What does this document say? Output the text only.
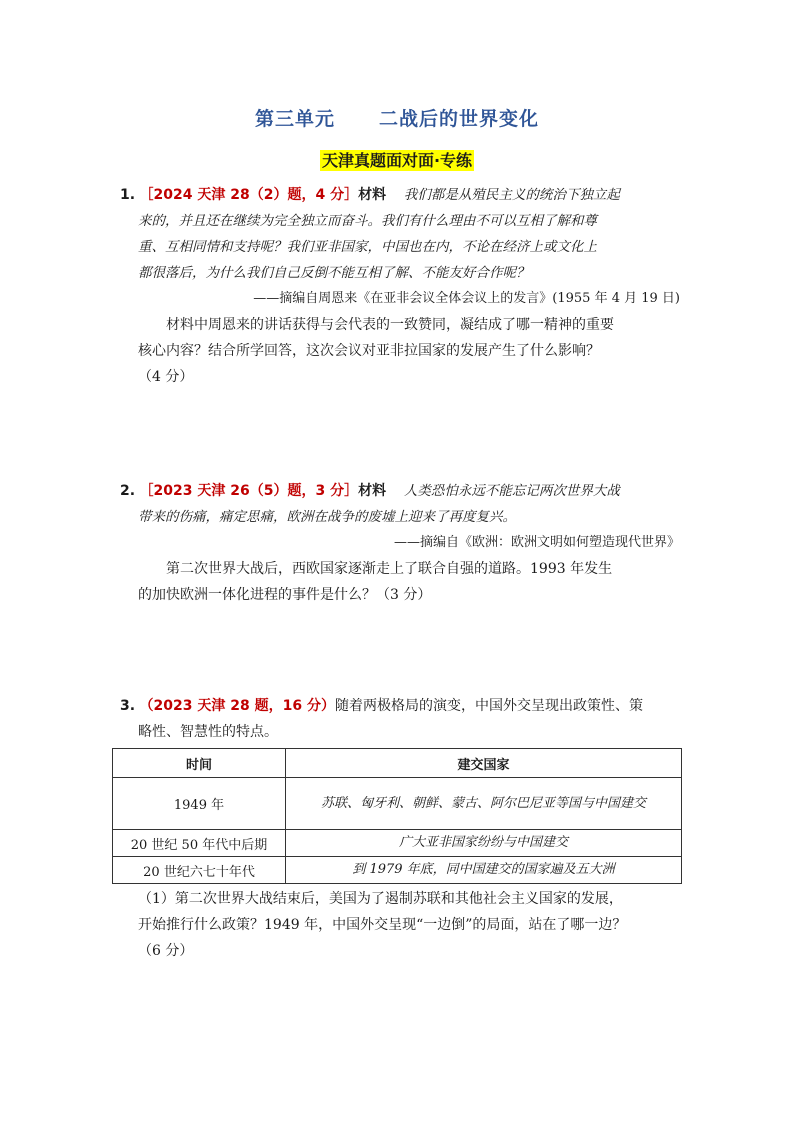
第三单元 二战后的世界变化
天津真题面对面·专练
1. ［2024 天津 28（2）题，4 分］材料 我们都是从殖民主义的统治下独立起
来的，并且还在继续为完全独立而奋斗。我们有什么理由不可以互相了解和尊
重、互相同情和支持呢？我们亚非国家，中国也在内，不论在经济上或文化上
都很落后，为什么我们自己反倒不能互相了解、不能友好合作呢？
——摘编自周恩来《在亚非会议全体会议上的发言》(1955 年 4 月 19 日)
材料中周恩来的讲话获得与会代表的一致赞同，凝结成了哪一精神的重要
核心内容？结合所学回答，这次会议对亚非拉国家的发展产生了什么影响？
（4 分）
2. ［2023 天津 26（5）题，3 分］材料 人类恐怕永远不能忘记两次世界大战
带来的伤痛，痛定思痛，欧洲在战争的废墟上迎来了再度复兴。
——摘编自《欧洲：欧洲文明如何塑造现代世界》
第二次世界大战后，西欧国家逐渐走上了联合自强的道路。1993 年发生
的加快欧洲一体化进程的事件是什么？（3 分）
3. （2023 天津 28 题，16 分）随着两极格局的演变，中国外交呈现出政策性、策
略性、智慧性的特点。
时间	建交国家
1949 年	苏联、匈牙利、朝鲜、蒙古、阿尔巴尼亚等国与中国建交
20 世纪 50 年代中后期	广大亚非国家纷纷与中国建交
20 世纪六七十年代	到 1979 年底，同中国建交的国家遍及五大洲
（1）第二次世界大战结束后，美国为了遏制苏联和其他社会主义国家的发展，
开始推行什么政策？1949 年，中国外交呈现“一边倒”的局面，站在了哪一边？
（6 分）
